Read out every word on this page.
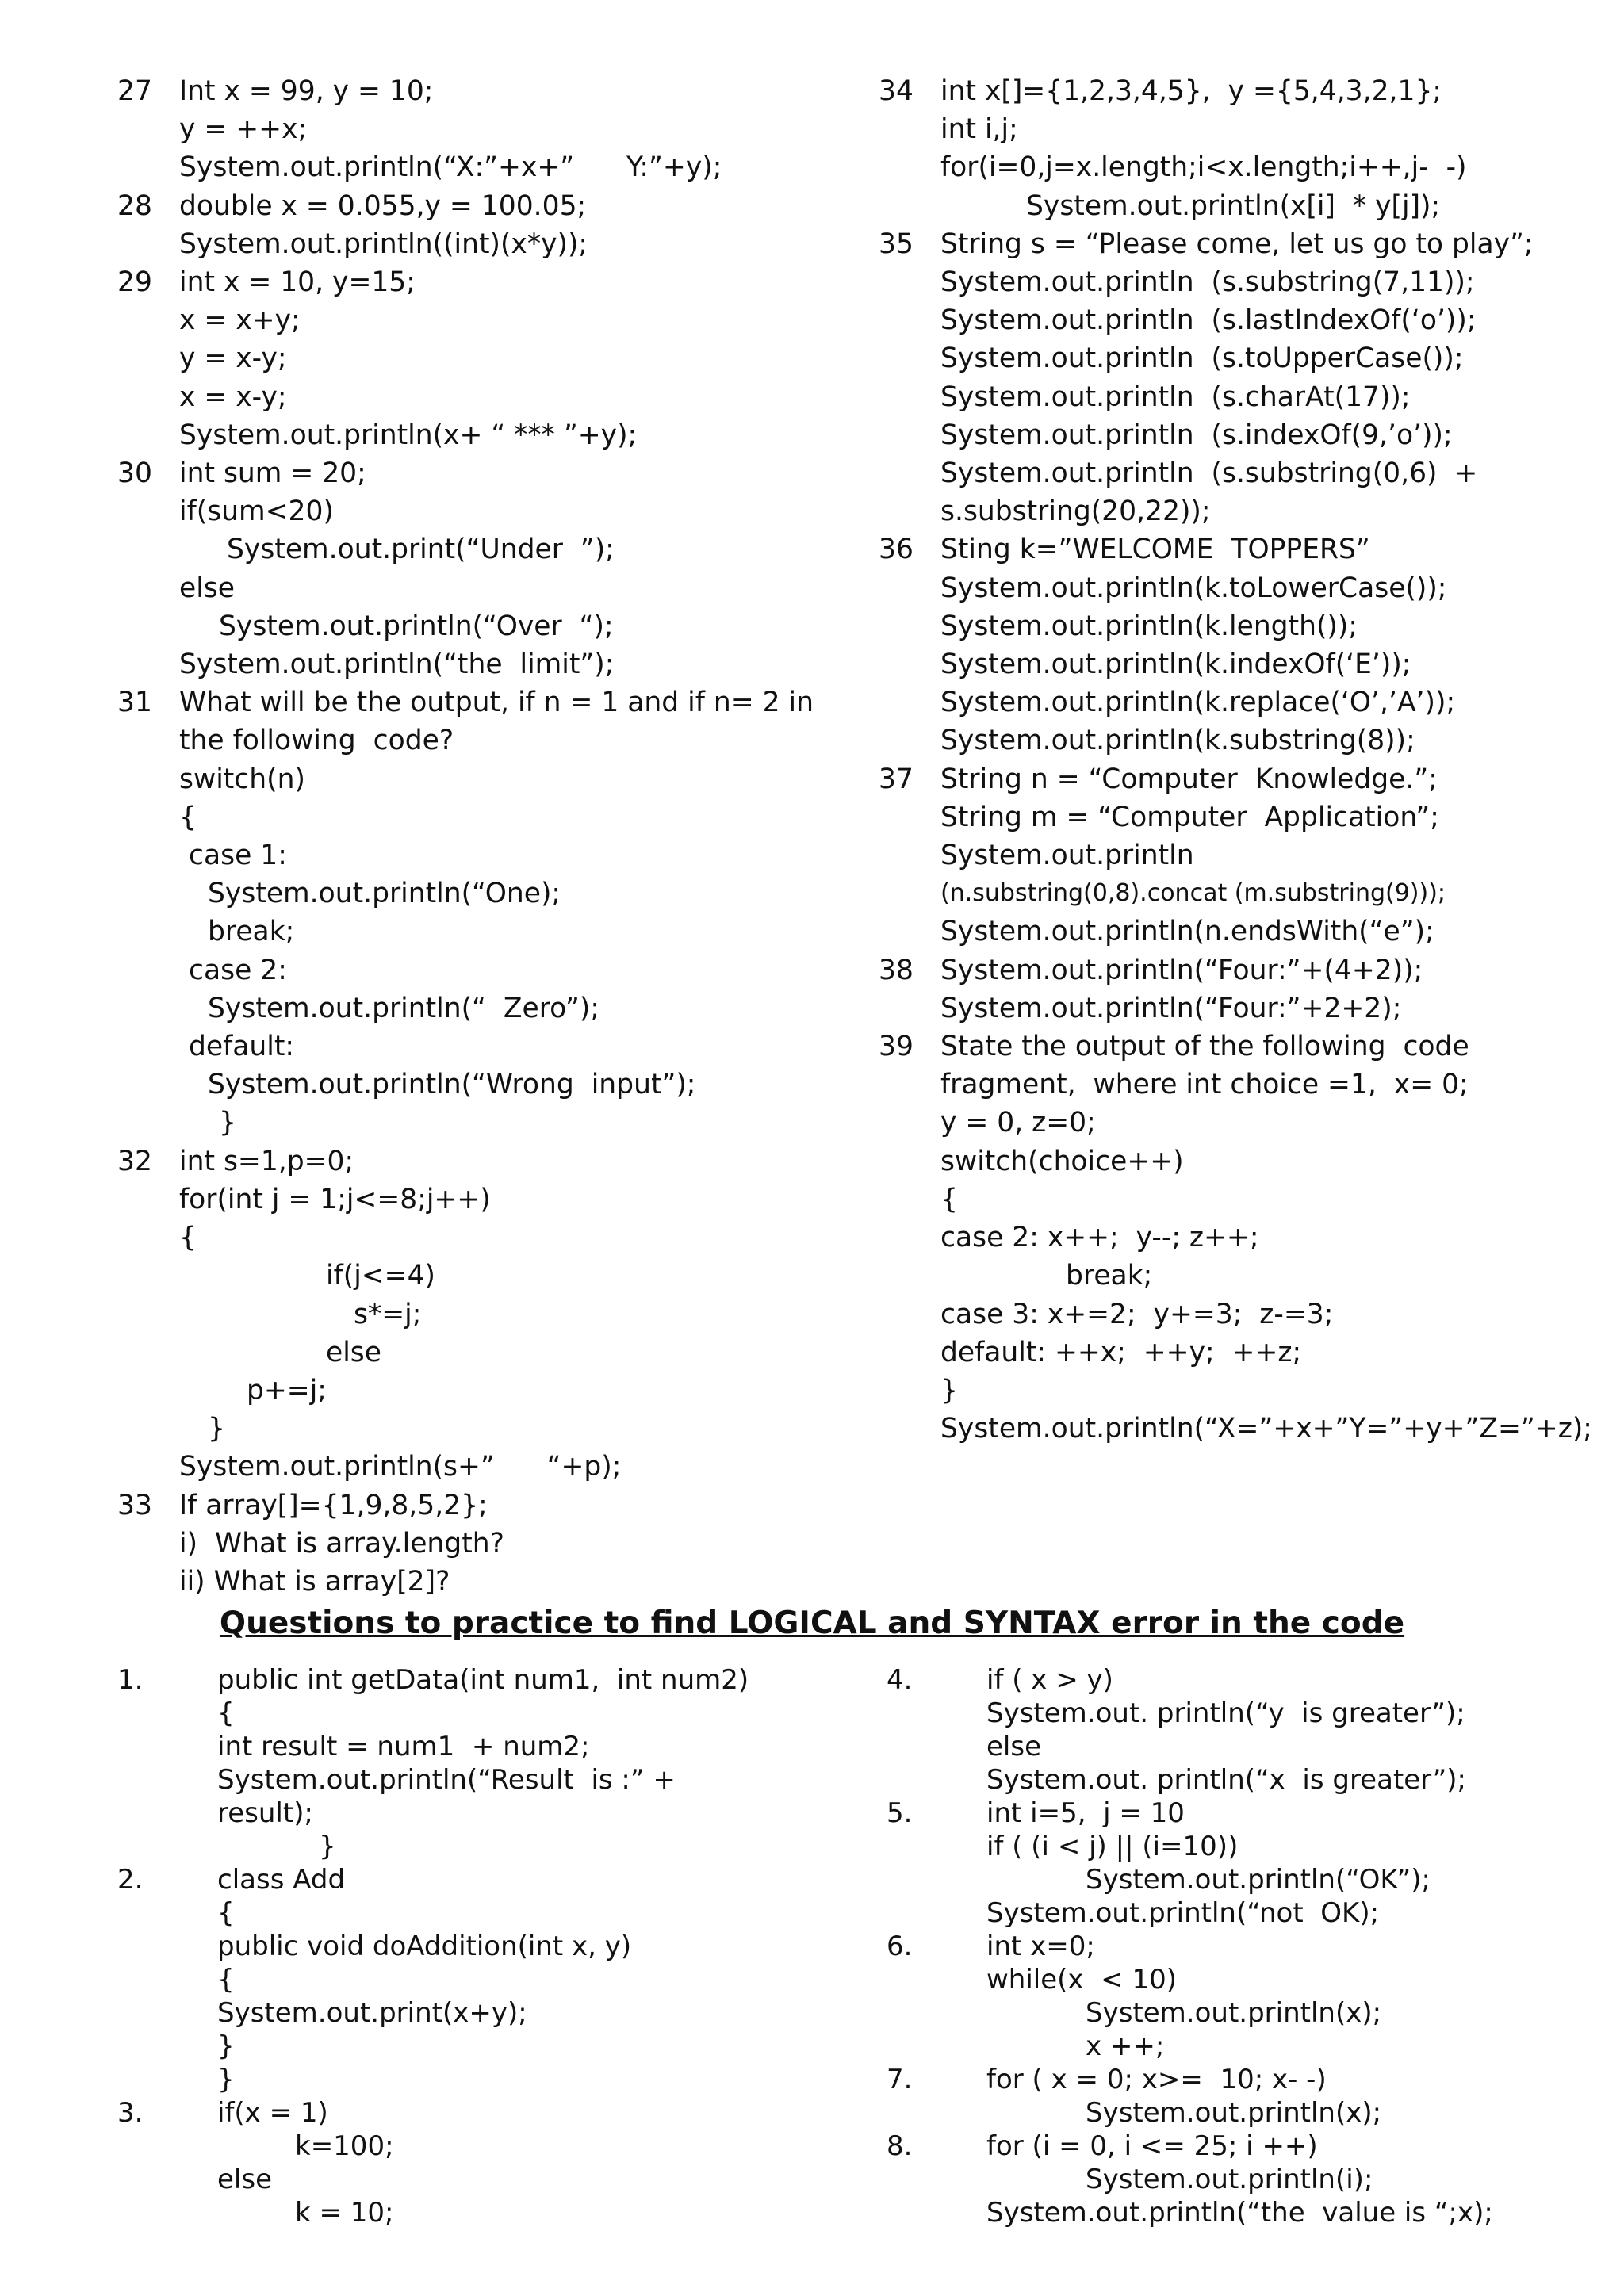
27 Int x = 99, y = 10;
y = ++x;
System.out.println(“X:”+x+”      Y:”+y);
28 double x = 0.055,y = 100.05;
System.out.println((int)(x*y));
29 int x = 10, y=15;
x = x+y;
y = x-y;
x = x-y;
System.out.println(x+ “ *** ”+y);
30 int sum = 20;
if(sum<20)
System.out.print(“Under  ”);
else
System.out.println(“Over  “);
System.out.println(“the  limit”);
31 What will be the output, if n = 1 and if n= 2 in
the following  code?
switch(n)
{
case 1:
System.out.println(“One);
break;
case 2:
System.out.println(“  Zero”);
default:
System.out.println(“Wrong  input”);
}
32 int s=1,p=0;
for(int j = 1;j<=8;j++)
{
if(j<=4)
s*=j;
else
p+=j;
}
System.out.println(s+”      “+p);
33 If array[]={1,9,8,5,2};
i)  What is array.length?
ii) What is array[2]?
34 int x[]={1,2,3,4,5},  y ={5,4,3,2,1};
int i,j;
for(i=0,j=x.length;i<x.length;i++,j-  -)
System.out.println(x[i]  * y[j]);
35 String s = “Please come, let us go to play”;
System.out.println  (s.substring(7,11));
System.out.println  (s.lastIndexOf(‘o’));
System.out.println  (s.toUpperCase());
System.out.println  (s.charAt(17));
System.out.println  (s.indexOf(9,’o’));
System.out.println  (s.substring(0,6)  +
s.substring(20,22));
36 Sting k=”WELCOME  TOPPERS”
System.out.println(k.toLowerCase());
System.out.println(k.length());
System.out.println(k.indexOf(‘E’));
System.out.println(k.replace(‘O’,’A’));
System.out.println(k.substring(8));
37 String n = “Computer  Knowledge.”;
String m = “Computer  Application”;
System.out.println
(n.substring(0,8).concat (m.substring(9)));
System.out.println(n.endsWith(“e”);
38 System.out.println(“Four:”+(4+2));
System.out.println(“Four:”+2+2);
39 State the output of the following  code
fragment,  where int choice =1,  x= 0;
y = 0, z=0;
switch(choice++)
{
case 2: x++;  y--; z++;
break;
case 3: x+=2;  y+=3;  z-=3;
default: ++x;  ++y;  ++z;
}
System.out.println(“X=”+x+”Y=”+y+”Z=”+z);
Questions to practice to find LOGICAL and SYNTAX error in the code
1.	public int getData(int num1,  int num2)
{
int result = num1  + num2;
System.out.println(“Result  is :” +
result);
}
2.	class Add
{
public void doAddition(int x, y)
{
System.out.print(x+y);
}
}
3.	if(x = 1)
k=100;
else
k = 10;
4.	if ( x > y)
System.out. println(“y  is greater”);
else
System.out. println(“x  is greater”);
5.	int i=5,  j = 10
if ( (i < j) || (i=10))
System.out.println(“OK”);
System.out.println(“not  OK);
6.	int x=0;
while(x  < 10)
System.out.println(x);
x ++;
7.	for ( x = 0; x>=  10; x- -)
System.out.println(x);
8.	for (i = 0, i <= 25; i ++)
System.out.println(i);
System.out.println(“the  value is “;x);
